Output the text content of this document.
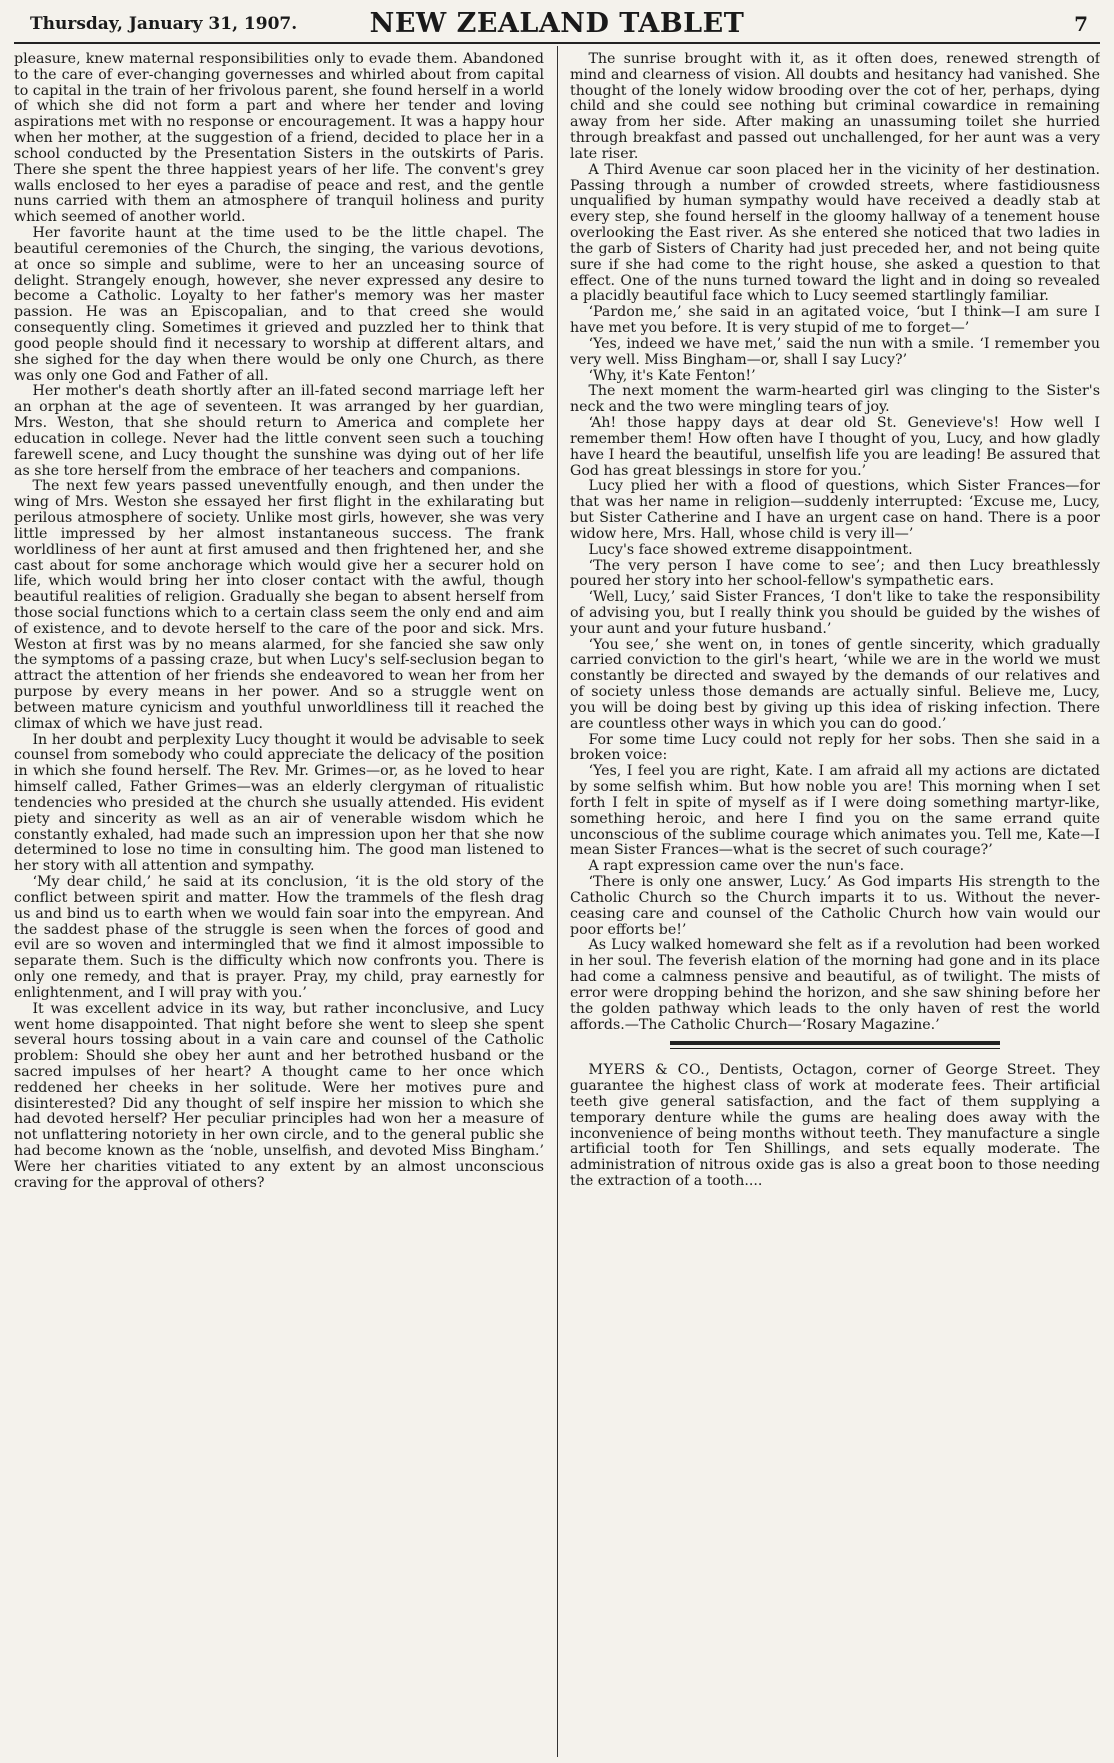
Thursday, January 31, 1907.	NEW ZEALAND TABLET	7

pleasure, knew maternal responsibilities only to evade them. Abandoned to the care of ever-changing governesses and whirled about from capital to capital in the train of her frivolous parent, she found herself in a world of which she did not form a part and where her tender and loving aspirations met with no response or encouragement. It was a happy hour when her mother, at the suggestion of a friend, decided to place her in a school conducted by the Presentation Sisters in the outskirts of Paris. There she spent the three happiest years of her life. The convent's grey walls enclosed to her eyes a paradise of peace and rest, and the gentle nuns carried with them an atmosphere of tranquil holiness and purity which seemed of another world.

Her favorite haunt at the time used to be the little chapel. The beautiful ceremonies of the Church, the singing, the various devotions, at once so simple and sublime, were to her an unceasing source of delight. Strangely enough, however, she never expressed any desire to become a Catholic. Loyalty to her father's memory was her master passion. He was an Episcopalian, and to that creed she would consequently cling. Sometimes it grieved and puzzled her to think that good people should find it necessary to worship at different altars, and she sighed for the day when there would be only one Church, as there was only one God and Father of all.

Her mother's death shortly after an ill-fated second marriage left her an orphan at the age of seventeen. It was arranged by her guardian, Mrs. Weston, that she should return to America and complete her education in college. Never had the little convent seen such a touching farewell scene, and Lucy thought the sunshine was dying out of her life as she tore herself from the embrace of her teachers and companions.

The next few years passed uneventfully enough, and then under the wing of Mrs. Weston she essayed her first flight in the exhilarating but perilous atmosphere of society. Unlike most girls, however, she was very little impressed by her almost instantaneous success. The frank worldliness of her aunt at first amused and then frightened her, and she cast about for some anchorage which would give her a securer hold on life, which would bring her into closer contact with the awful, though beautiful realities of religion. Gradually she began to absent herself from those social functions which to a certain class seem the only end and aim of existence, and to devote herself to the care of the poor and sick. Mrs. Weston at first was by no means alarmed, for she fancied she saw only the symptoms of a passing craze, but when Lucy's self-seclusion began to attract the attention of her friends she endeavored to wean her from her purpose by every means in her power. And so a struggle went on between mature cynicism and youthful unworldliness till it reached the climax of which we have just read.

In her doubt and perplexity Lucy thought it would be advisable to seek counsel from somebody who could appreciate the delicacy of the position in which she found herself. The Rev. Mr. Grimes—or, as he loved to hear himself called, Father Grimes—was an elderly clergyman of ritualistic tendencies who presided at the church she usually attended. His evident piety and sincerity as well as an air of venerable wisdom which he constantly exhaled, had made such an impression upon her that she now determined to lose no time in consulting him. The good man listened to her story with all attention and sympathy.

‘My dear child,’ he said at its conclusion, ‘it is the old story of the conflict between spirit and matter. How the trammels of the flesh drag us and bind us to earth when we would fain soar into the empyrean. And the saddest phase of the struggle is seen when the forces of good and evil are so woven and intermingled that we find it almost impossible to separate them. Such is the difficulty which now confronts you. There is only one remedy, and that is prayer. Pray, my child, pray earnestly for enlightenment, and I will pray with you.’

It was excellent advice in its way, but rather inconclusive, and Lucy went home disappointed. That night before she went to sleep she spent several hours tossing about in a vain care and counsel of the Catholic problem: Should she obey her aunt and her betrothed husband or the sacred impulses of her heart? A thought came to her once which reddened her cheeks in her solitude. Were her motives pure and disinterested? Did any thought of self inspire her mission to which she had devoted herself? Her peculiar principles had won her a measure of not unflattering notoriety in her own circle, and to the general public she had become known as the ‘noble, unselfish, and devoted Miss Bingham.’ Were her charities vitiated to any extent by an almost unconscious craving for the approval of others?

The sunrise brought with it, as it often does, renewed strength of mind and clearness of vision. All doubts and hesitancy had vanished. She thought of the lonely widow brooding over the cot of her, perhaps, dying child and she could see nothing but criminal cowardice in remaining away from her side. After making an unassuming toilet she hurried through breakfast and passed out unchallenged, for her aunt was a very late riser.

A Third Avenue car soon placed her in the vicinity of her destination. Passing through a number of crowded streets, where fastidiousness unqualified by human sympathy would have received a deadly stab at every step, she found herself in the gloomy hallway of a tenement house overlooking the East river. As she entered she noticed that two ladies in the garb of Sisters of Charity had just preceded her, and not being quite sure if she had come to the right house, she asked a question to that effect. One of the nuns turned toward the light and in doing so revealed a placidly beautiful face which to Lucy seemed startlingly familiar.

‘Pardon me,’ she said in an agitated voice, ‘but I think—I am sure I have met you before. It is very stupid of me to forget—’

‘Yes, indeed we have met,’ said the nun with a smile. ‘I remember you very well. Miss Bingham—or, shall I say Lucy?’

‘Why, it's Kate Fenton!’

The next moment the warm-hearted girl was clinging to the Sister's neck and the two were mingling tears of joy.

‘Ah! those happy days at dear old St. Genevieve's! How well I remember them! How often have I thought of you, Lucy, and how gladly have I heard the beautiful, unselfish life you are leading! Be assured that God has great blessings in store for you.’

Lucy plied her with a flood of questions, which Sister Frances—for that was her name in religion—suddenly interrupted: ‘Excuse me, Lucy, but Sister Catherine and I have an urgent case on hand. There is a poor widow here, Mrs. Hall, whose child is very ill—’

Lucy's face showed extreme disappointment.

‘The very person I have come to see’; and then Lucy breathlessly poured her story into her school-fellow's sympathetic ears.

‘Well, Lucy,’ said Sister Frances, ‘I don't like to take the responsibility of advising you, but I really think you should be guided by the wishes of your aunt and your future husband.’

‘You see,’ she went on, in tones of gentle sincerity, which gradually carried conviction to the girl's heart, ‘while we are in the world we must constantly be directed and swayed by the demands of our relatives and of society unless those demands are actually sinful. Believe me, Lucy, you will be doing best by giving up this idea of risking infection. There are countless other ways in which you can do good.’

For some time Lucy could not reply for her sobs. Then she said in a broken voice:

‘Yes, I feel you are right, Kate. I am afraid all my actions are dictated by some selfish whim. But how noble you are! This morning when I set forth I felt in spite of myself as if I were doing something martyr-like, something heroic, and here I find you on the same errand quite unconscious of the sublime courage which animates you. Tell me, Kate—I mean Sister Frances—what is the secret of such courage?’

A rapt expression came over the nun's face.

‘There is only one answer, Lucy.’ As God imparts His strength to the Catholic Church so the Church imparts it to us. Without the never-ceasing care and counsel of the Catholic Church how vain would our poor efforts be!’

As Lucy walked homeward she felt as if a revolution had been worked in her soul. The feverish elation of the morning had gone and in its place had come a calmness pensive and beautiful, as of twilight. The mists of error were dropping behind the horizon, and she saw shining before her the golden pathway which leads to the only haven of rest the world affords.—The Catholic Church—‘Rosary Magazine.’

MYERS & CO., Dentists, Octagon, corner of George Street. They guarantee the highest class of work at moderate fees. Their artificial teeth give general satisfaction, and the fact of them supplying a temporary denture while the gums are healing does away with the inconvenience of being months without teeth. They manufacture a single artificial tooth for Ten Shillings, and sets equally moderate. The administration of nitrous oxide gas is also a great boon to those needing the extraction of a tooth....
